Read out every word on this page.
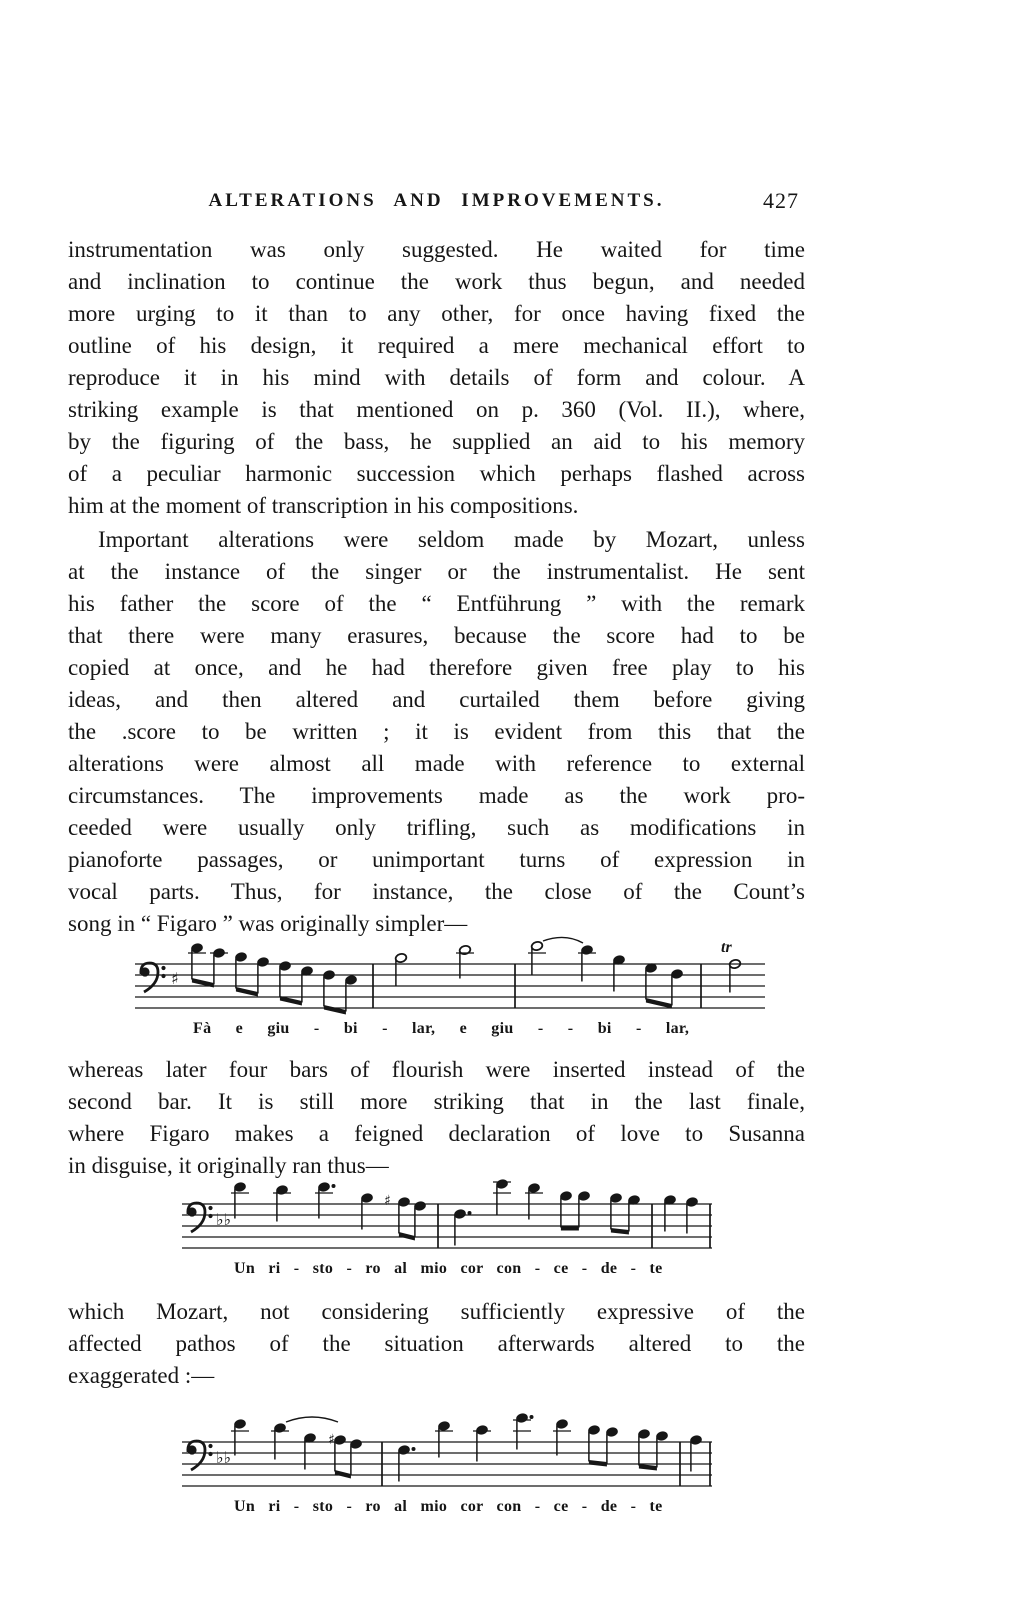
ALTERATIONS AND IMPROVEMENTS.	427
instrumentation was only suggested. He waited for time
and inclination to continue the work thus begun, and needed
more urging to it than to any other, for once having fixed the
outline of his design, it required a mere mechanical effort to
reproduce it in his mind with details of form and colour. A
striking example is that mentioned on p. 360 (Vol. II.), where,
by the figuring of the bass, he supplied an aid to his memory
of a peculiar harmonic succession which perhaps flashed across
him at the moment of transcription in his compositions.
Important alterations were seldom made by Mozart, unless
at the instance of the singer or the instrumentalist. He sent
his father the score of the “ Entführung ” with the remark
that there were many erasures, because the score had to be
copied at once, and he had therefore given free play to his
ideas, and then altered and curtailed them before giving
the .score to be written ; it is evident from this that the
alterations were almost all made with reference to external
circumstances. The improvements made as the work pro-
ceeded were usually only trifling, such as modifications in
pianoforte passages, or unimportant turns of expression in
vocal parts. Thus, for instance, the close of the Count’s
song in “ Figaro ” was originally simpler—
♯
tr
Fà e giu - bi - lar, e giu - - bi - lar,
whereas later four bars of flourish were inserted instead of the
second bar. It is still more striking that in the last finale,
where Figaro makes a feigned declaration of love to Susanna
in disguise, it originally ran thus—
♭♭
♯
Un ri - sto - ro al mio cor con - ce - de - te
which Mozart, not considering sufficiently expressive of the
affected pathos of the situation afterwards altered to the
exaggerated :—
♭♭
♯
Un ri - sto - ro al mio cor con - ce - de - te
